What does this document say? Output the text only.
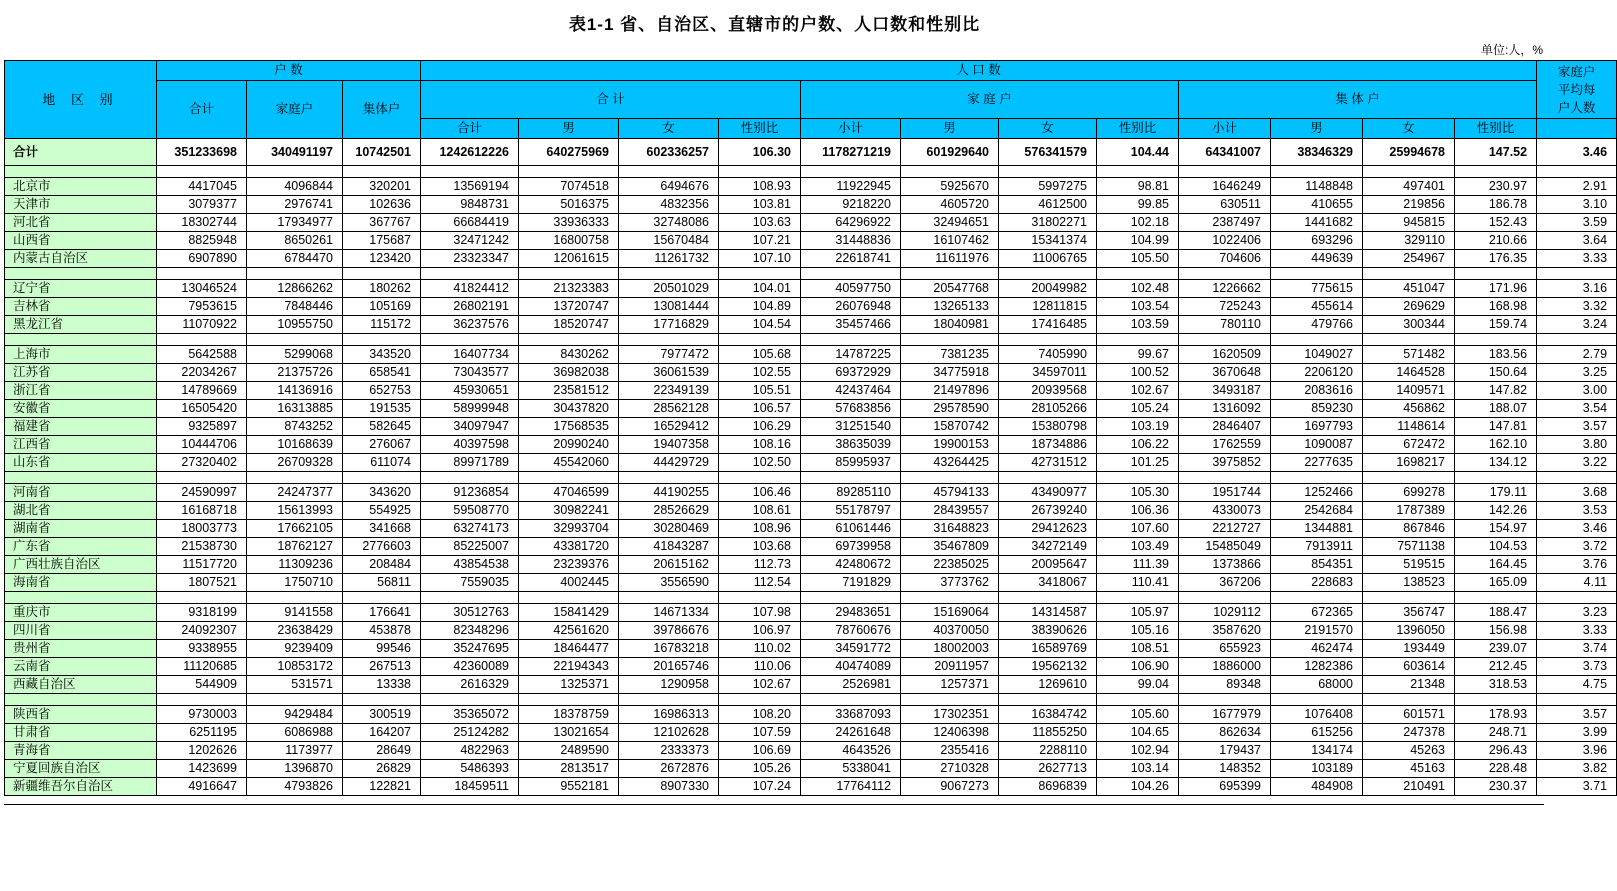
表1-1 省、自治区、直辖市的户数、人口数和性别比
单位:人，%
地 区 别	户 数			人 口 数												家庭户
平均每
户人数

	合计	家庭户	集体户	合 计				家 庭 户				集 体 户				
				合计	男	女	性别比	小计	男	女	性别比	小计	男	女	性别比	
合计	351233698	340491197	10742501	1242612226	640275969	602336257	106.30	1178271219	601929640	576341579	104.44	64341007	38346329	25994678	147.52	3.46

北京市	4417045	4096844	320201	13569194	7074518	6494676	108.93	11922945	5925670	5997275	98.81	1646249	1148848	497401	230.97	2.91
天津市	3079377	2976741	102636	9848731	5016375	4832356	103.81	9218220	4605720	4612500	99.85	630511	410655	219856	186.78	3.10
河北省	18302744	17934977	367767	66684419	33936333	32748086	103.63	64296922	32494651	31802271	102.18	2387497	1441682	945815	152.43	3.59
山西省	8825948	8650261	175687	32471242	16800758	15670484	107.21	31448836	16107462	15341374	104.99	1022406	693296	329110	210.66	3.64
内蒙古自治区	6907890	6784470	123420	23323347	12061615	11261732	107.10	22618741	11611976	11006765	105.50	704606	449639	254967	176.35	3.33

辽宁省	13046524	12866262	180262	41824412	21323383	20501029	104.01	40597750	20547768	20049982	102.48	1226662	775615	451047	171.96	3.16
吉林省	7953615	7848446	105169	26802191	13720747	13081444	104.89	26076948	13265133	12811815	103.54	725243	455614	269629	168.98	3.32
黑龙江省	11070922	10955750	115172	36237576	18520747	17716829	104.54	35457466	18040981	17416485	103.59	780110	479766	300344	159.74	3.24

上海市	5642588	5299068	343520	16407734	8430262	7977472	105.68	14787225	7381235	7405990	99.67	1620509	1049027	571482	183.56	2.79
江苏省	22034267	21375726	658541	73043577	36982038	36061539	102.55	69372929	34775918	34597011	100.52	3670648	2206120	1464528	150.64	3.25
浙江省	14789669	14136916	652753	45930651	23581512	22349139	105.51	42437464	21497896	20939568	102.67	3493187	2083616	1409571	147.82	3.00
安徽省	16505420	16313885	191535	58999948	30437820	28562128	106.57	57683856	29578590	28105266	105.24	1316092	859230	456862	188.07	3.54
福建省	9325897	8743252	582645	34097947	17568535	16529412	106.29	31251540	15870742	15380798	103.19	2846407	1697793	1148614	147.81	3.57
江西省	10444706	10168639	276067	40397598	20990240	19407358	108.16	38635039	19900153	18734886	106.22	1762559	1090087	672472	162.10	3.80
山东省	27320402	26709328	611074	89971789	45542060	44429729	102.50	85995937	43264425	42731512	101.25	3975852	2277635	1698217	134.12	3.22

河南省	24590997	24247377	343620	91236854	47046599	44190255	106.46	89285110	45794133	43490977	105.30	1951744	1252466	699278	179.11	3.68
湖北省	16168718	15613993	554925	59508770	30982241	28526629	108.61	55178797	28439557	26739240	106.36	4330073	2542684	1787389	142.26	3.53
湖南省	18003773	17662105	341668	63274173	32993704	30280469	108.96	61061446	31648823	29412623	107.60	2212727	1344881	867846	154.97	3.46
广东省	21538730	18762127	2776603	85225007	43381720	41843287	103.68	69739958	35467809	34272149	103.49	15485049	7913911	7571138	104.53	3.72
广西壮族自治区	11517720	11309236	208484	43854538	23239376	20615162	112.73	42480672	22385025	20095647	111.39	1373866	854351	519515	164.45	3.76
海南省	1807521	1750710	56811	7559035	4002445	3556590	112.54	7191829	3773762	3418067	110.41	367206	228683	138523	165.09	4.11

重庆市	9318199	9141558	176641	30512763	15841429	14671334	107.98	29483651	15169064	14314587	105.97	1029112	672365	356747	188.47	3.23
四川省	24092307	23638429	453878	82348296	42561620	39786676	106.97	78760676	40370050	38390626	105.16	3587620	2191570	1396050	156.98	3.33
贵州省	9338955	9239409	99546	35247695	18464477	16783218	110.02	34591772	18002003	16589769	108.51	655923	462474	193449	239.07	3.74
云南省	11120685	10853172	267513	42360089	22194343	20165746	110.06	40474089	20911957	19562132	106.90	1886000	1282386	603614	212.45	3.73
西藏自治区	544909	531571	13338	2616329	1325371	1290958	102.67	2526981	1257371	1269610	99.04	89348	68000	21348	318.53	4.75

陕西省	9730003	9429484	300519	35365072	18378759	16986313	108.20	33687093	17302351	16384742	105.60	1677979	1076408	601571	178.93	3.57
甘肃省	6251195	6086988	164207	25124282	13021654	12102628	107.59	24261648	12406398	11855250	104.65	862634	615256	247378	248.71	3.99
青海省	1202626	1173977	28649	4822963	2489590	2333373	106.69	4643526	2355416	2288110	102.94	179437	134174	45263	296.43	3.96
宁夏回族自治区	1423699	1396870	26829	5486393	2813517	2672876	105.26	5338041	2710328	2627713	103.14	148352	103189	45163	228.48	3.82
新疆维吾尔自治区	4916647	4793826	122821	18459511	9552181	8907330	107.24	17764112	9067273	8696839	104.26	695399	484908	210491	230.37	3.71
